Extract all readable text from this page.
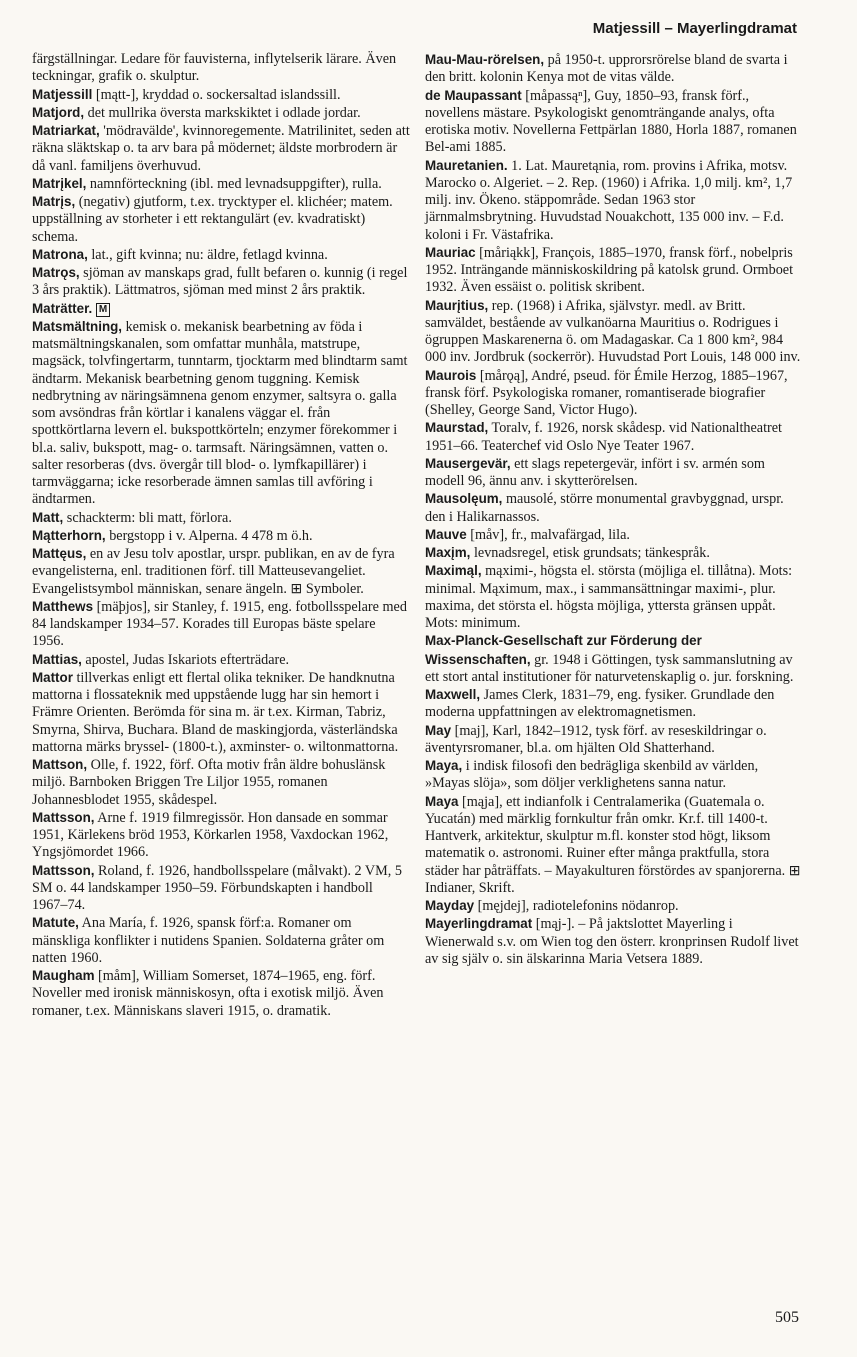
Matjessill – Mayerlingdramat

färgställningar. Ledare för fauvisterna, inflytelserik lärare. Även teckningar, grafik o. skulptur.

Matjessill [mątt-], kryddad o. sockersaltad islandssill.

Matjord, det mullrika översta markskiktet i odlade jordar.

Matriarkat, 'mödravälde', kvinnoregemente. Matrilinitet, seden att räkna släktskap o. ta arv bara på mödernet; äldste morbrodern är då vanl. familjens överhuvud.

Matrįkel, namnförteckning (ibl. med levnadsuppgifter), rulla.

Matrįs, (negativ) gjutform, t.ex. trycktyper el. klichéer; matem. uppställning av storheter i ett rektangulärt (ev. kvadratiskt) schema.

Matrona, lat., gift kvinna; nu: äldre, fetlagd kvinna.

Matrǫs, sjöman av manskaps grad, fullt befaren o. kunnig (i regel 3 års praktik). Lättmatros, sjöman med minst 2 års praktik.

Maträtter. M

Matsmältning, kemisk o. mekanisk bearbetning av föda i matsmältningskanalen, som omfattar munhåla, matstrupe, magsäck, tolvfingertarm, tunntarm, tjocktarm med blindtarm samt ändtarm. Mekanisk bearbetning genom tuggning. Kemisk nedbrytning av näringsämnena genom enzymer, saltsyra o. galla som avsöndras från körtlar i kanalens väggar el. från spottkörtlarna levern el. bukspottkörteln; enzymer förekommer i bl.a. saliv, bukspott, mag- o. tarmsaft. Näringsämnen, vatten o. salter resorberas (dvs. övergår till blod- o. lymfkapillärer) i tarmväggarna; icke resorberade ämnen samlas till avföring i ändtarmen.

Matt, schackterm: bli matt, förlora.

Mątterhorn, bergstopp i v. Alperna. 4 478 m ö.h.

Mattęus, en av Jesu tolv apostlar, urspr. publikan, en av de fyra evangelisterna, enl. traditionen förf. till Matteusevangeliet. Evangelistsymbol människan, senare ängeln. ⊞ Symboler.

Matthews [mäþjos], sir Stanley, f. 1915, eng. fotbollsspelare med 84 landskamper 1934–57. Korades till Europas bäste spelare 1956.

Mattias, apostel, Judas Iskariots efterträdare.

Mattor tillverkas enligt ett flertal olika tekniker. De handknutna mattorna i flossateknik med uppstående lugg har sin hemort i Främre Orienten. Berömda för sina m. är t.ex. Kirman, Tabriz, Smyrna, Shirva, Buchara. Bland de maskingjorda, västerländska mattorna märks bryssel- (1800-t.), axminster- o. wiltonmattorna.

Mattson, Olle, f. 1922, förf. Ofta motiv från äldre bohuslänsk miljö. Barnboken Briggen Tre Liljor 1955, romanen Johannesblodet 1955, skådespel.

Mattsson, Arne f. 1919 filmregissör. Hon dansade en sommar 1951, Kärlekens bröd 1953, Körkarlen 1958, Vaxdockan 1962, Yngsjömordet 1966.

Mattsson, Roland, f. 1926, handbollsspelare (målvakt). 2 VM, 5 SM o. 44 landskamper 1950–59. Förbundskapten i handboll 1967–74.

Matute, Ana María, f. 1926, spansk förf:a. Romaner om mänskliga konflikter i nutidens Spanien. Soldaterna gråter om natten 1960.

Maugham [måm], William Somerset, 1874–1965, eng. förf. Noveller med ironisk människosyn, ofta i exotisk miljö. Även romaner, t.ex. Människans slaveri 1915, o. dramatik.

Mau-Mau-rörelsen, på 1950-t. upprorsrörelse bland de svarta i den britt. kolonin Kenya mot de vitas välde.

de Maupassant [måpassąⁿ], Guy, 1850–93, fransk förf., novellens mästare. Psykologiskt genomträngande analys, ofta erotiska motiv. Novellerna Fettpärlan 1880, Horla 1887, romanen Bel-ami 1885.

Mauretanien. 1. Lat. Mauretąnia, rom. provins i Afrika, motsv. Marocko o. Algeriet. – 2. Rep. (1960) i Afrika. 1,0 milj. km², 1,7 milj. inv. Ökeno. stäppområde. Sedan 1963 stor järnmalmsbrytning. Huvudstad Nouakchott, 135 000 inv. – F.d. koloni i Fr. Västafrika.

Mauriac [måriąkk], François, 1885–1970, fransk förf., nobelpris 1952. Inträngande människoskildring på katolsk grund. Ormboet 1932. Även essäist o. politisk skribent.

Maurįtius, rep. (1968) i Afrika, självstyr. medl. av Britt. samväldet, bestående av vulkanöarna Mauritius o. Rodrigues i ögruppen Maskarenerna ö. om Madagaskar. Ca 1 800 km², 984 000 inv. Jordbruk (sockerrör). Huvudstad Port Louis, 148 000 inv.

Maurois [mårǫą], André, pseud. för Émile Herzog, 1885–1967, fransk förf. Psykologiska romaner, romantiserade biografier (Shelley, George Sand, Victor Hugo).

Maurstad, Toralv, f. 1926, norsk skådesp. vid Nationaltheatret 1951–66. Teaterchef vid Oslo Nye Teater 1967.

Mausergevär, ett slags repetergevär, infört i sv. armén som modell 96, ännu anv. i skytterörelsen.

Mausolęum, mausolé, större monumental gravbyggnad, urspr. den i Halikarnassos.

Mauve [måv], fr., malvafärgad, lila.

Maxįm, levnadsregel, etisk grundsats; tänkespråk.

Maximąl, mąximi-, högsta el. största (möjliga el. tillåtna). Mots: minimal. Mąximum, max., i sammansättningar maximi-, plur. maxima, det största el. högsta möjliga, yttersta gränsen uppåt. Mots: minimum.

Max-Planck-Gesellschaft zur Förderung der Wissenschaften, gr. 1948 i Göttingen, tysk sammanslutning av ett stort antal institutioner för naturvetenskaplig o. jur. forskning.

Maxwell, James Clerk, 1831–79, eng. fysiker. Grundlade den moderna uppfattningen av elektromagnetismen.

May [maj], Karl, 1842–1912, tysk förf. av reseskildringar o. äventyrsromaner, bl.a. om hjälten Old Shatterhand.

Maya, i indisk filosofi den bedrägliga skenbild av världen, »Mayas slöja», som döljer verklighetens sanna natur.

Maya [mąja], ett indianfolk i Centralamerika (Guatemala o. Yucatán) med märklig fornkultur från omkr. Kr.f. till 1400-t. Hantverk, arkitektur, skulptur m.fl. konster stod högt, liksom matematik o. astronomi. Ruiner efter många praktfulla, stora städer har påträffats. – Mayakulturen förstördes av spanjorerna. ⊞ Indianer, Skrift.

Mayday [męjdej], radiotelefonins nödanrop.

Mayerlingdramat [mąj-]. – På jaktslottet Mayerling i Wienerwald s.v. om Wien tog den österr. kronprinsen Rudolf livet av sig själv o. sin älskarinna Maria Vetsera 1889.

505
